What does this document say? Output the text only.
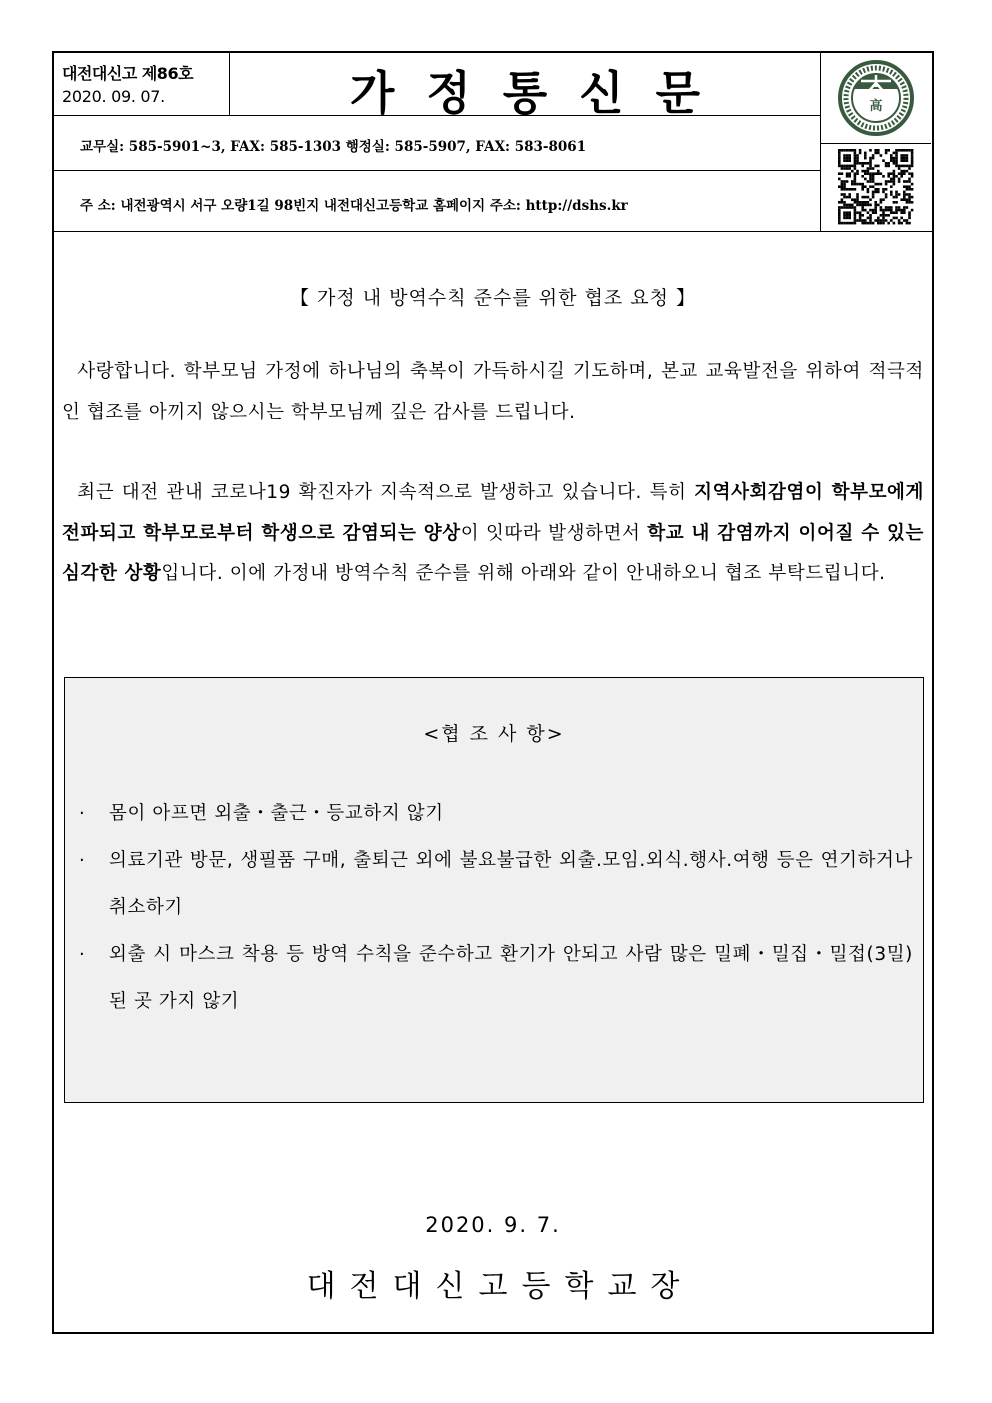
대전대신고 제86호
2020. 09. 07.	가정통신문
교무실: 585-5901~3, FAX: 585-1303 행정실: 585-5907, FAX: 583-8061
주 소: 내전광역시 서구 오량1길 98빈지 내전대신고등학교 홈페이지 주소: http://dshs.kr
高
【 가정 내 방역수칙 준수를 위한 협조 요청 】
사랑합니다. 학부모님 가정에 하나님의 축복이 가득하시길 기도하며, 본교 교육발전을 위하여 적극적인 협조를 아끼지 않으시는 학부모님께 깊은 감사를 드립니다.
최근 대전 관내 코로나19 확진자가 지속적으로 발생하고 있습니다. 특히 지역사회감염이 학부모에게 전파되고 학부모로부터 학생으로 감염되는 양상이 잇따라 발생하면서 학교 내 감염까지 이어질 수 있는 심각한 상황입니다. 이에 가정내 방역수칙 준수를 위해 아래와 같이 안내하오니 협조 부탁드립니다.
<협 조 사 항>
· 몸이 아프면 외출・출근・등교하지 않기
· 의료기관 방문, 생필품 구매, 출퇴근 외에 불요불급한 외출.모임.외식.행사.여행 등은 연기하거나 취소하기
· 외출 시 마스크 착용 등 방역 수칙을 준수하고 환기가 안되고 사람 많은 밀폐・밀집・밀접(3밀)된 곳 가지 않기
2020. 9. 7.
대전대신고등학교장
